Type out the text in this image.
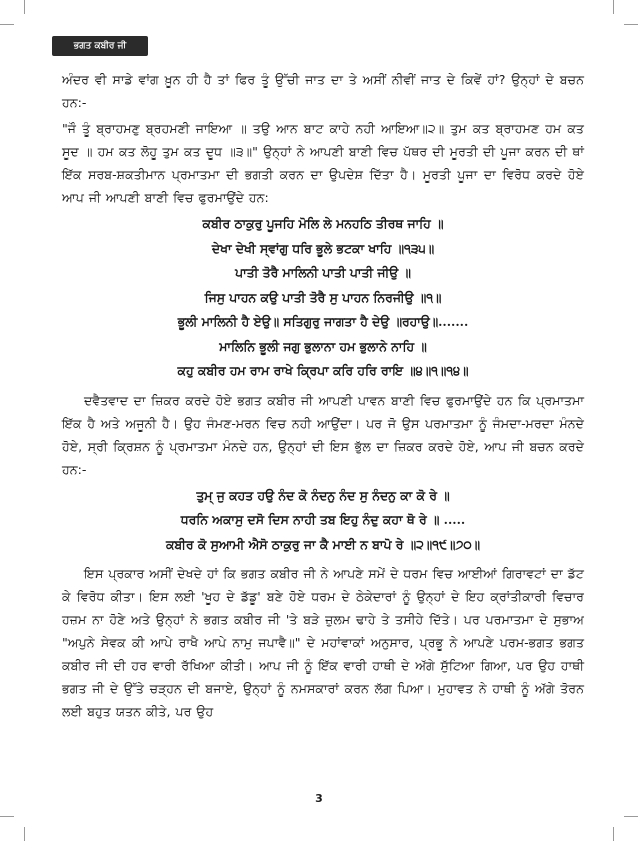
ਭਗਤ ਕਬੀਰ ਜੀ

ਅੰਦਰ ਵੀ ਸਾਡੇ ਵਾਂਗ ਖ਼ੂਨ ਹੀ ਹੈ ਤਾਂ ਫਿਰ ਤੂੰ ਉੱਚੀ ਜਾਤ ਦਾ ਤੇ ਅਸੀਂ ਨੀਵੀਂ ਜਾਤ ਦੇ ਕਿਵੇਂ ਹਾਂ? ਉਨ੍ਹਾਂ ਦੇ ਬਚਨ ਹਨ:-

"ਜੌ ਤੂੰ ਬ੍ਰਾਹਮਣੁ ਬ੍ਰਹਮਣੀ ਜਾਇਆ ॥ ਤਉ ਆਨ ਬਾਟ ਕਾਹੇ ਨਹੀ ਆਇਆ॥੨॥ ਤੁਮ ਕਤ ਬ੍ਰਾਹਮਣ ਹਮ ਕਤ ਸੂਦ ॥ ਹਮ ਕਤ ਲੋਹੂ ਤੁਮ ਕਤ ਦੂਧ ॥੩॥" ਉਨ੍ਹਾਂ ਨੇ ਆਪਣੀ ਬਾਣੀ ਵਿਚ ਪੱਥਰ ਦੀ ਮੂਰਤੀ ਦੀ ਪੂਜਾ ਕਰਨ ਦੀ ਥਾਂ ਇੱਕ ਸਰਬ-ਸ਼ਕਤੀਮਾਨ ਪ੍ਰਮਾਤਮਾ ਦੀ ਭਗਤੀ ਕਰਨ ਦਾ ਉਪਦੇਸ਼ ਦਿੱਤਾ ਹੈ। ਮੂਰਤੀ ਪੂਜਾ ਦਾ ਵਿਰੋਧ ਕਰਦੇ ਹੋਏ ਆਪ ਜੀ ਆਪਣੀ ਬਾਣੀ ਵਿਚ ਫੁਰਮਾਉਂਦੇ ਹਨ:

ਕਬੀਰ ਠਾਕੁਰੁ ਪੂਜਹਿ ਮੋਲਿ ਲੇ ਮਨਹਠਿ ਤੀਰਥ ਜਾਹਿ ॥

ਦੇਖਾ ਦੇਖੀ ਸ੍ਵਾਂਗੁ ਧਰਿ ਭੂਲੇ ਭਟਕਾ ਖਾਹਿ ॥੧੩੫॥

ਪਾਤੀ ਤੋਰੈ ਮਾਲਿਨੀ ਪਾਤੀ ਪਾਤੀ ਜੀਉ ॥

ਜਿਸੁ ਪਾਹਨ ਕਉ ਪਾਤੀ ਤੋਰੈ ਸੁ ਪਾਹਨ ਨਿਰਜੀਉ ॥੧॥

ਭੂਲੀ ਮਾਲਿਨੀ ਹੈ ਏਉ॥ ਸਤਿਗੁਰੁ ਜਾਗਤਾ ਹੈ ਦੇਉ ॥ਰਹਾਉ॥.......

ਮਾਲਿਨਿ ਭੂਲੀ ਜਗੁ ਭੁਲਾਨਾ ਹਮ ਭੁਲਾਨੇ ਨਾਹਿ ॥

ਕਹੁ ਕਬੀਰ ਹਮ ਰਾਮ ਰਾਖੇ ਕ੍ਰਿਪਾ ਕਰਿ ਹਰਿ ਰਾਇ ॥੪॥੧॥੧੪॥

ਦਵੈਤਵਾਦ ਦਾ ਜ਼ਿਕਰ ਕਰਦੇ ਹੋਏ ਭਗਤ ਕਬੀਰ ਜੀ ਆਪਣੀ ਪਾਵਨ ਬਾਣੀ ਵਿਚ ਫੁਰਮਾਉਂਦੇ ਹਨ ਕਿ ਪ੍ਰਮਾਤਮਾ ਇੱਕ ਹੈ ਅਤੇ ਅਜੂਨੀ ਹੈ। ਉਹ ਜੰਮਣ-ਮਰਨ ਵਿਚ ਨਹੀ ਆਉਂਦਾ। ਪਰ ਜੋ ਉਸ ਪਰਮਾਤਮਾ ਨੂੰ ਜੰਮਦਾ-ਮਰਦਾ ਮੰਨਦੇ ਹੋਏ, ਸ੍ਰੀ ਕ੍ਰਿਸ਼ਨ ਨੂੰ ਪ੍ਰਮਾਤਮਾ ਮੰਨਦੇ ਹਨ, ਉਨ੍ਹਾਂ ਦੀ ਇਸ ਭੁੱਲ ਦਾ ਜ਼ਿਕਰ ਕਰਦੇ ਹੋਏ, ਆਪ ਜੀ ਬਚਨ ਕਰਦੇ ਹਨ:-

ਤੁਮ੍ ਜੁ ਕਹਤ ਹਉ ਨੰਦ ਕੋ ਨੰਦਨੁ ਨੰਦ ਸੁ ਨੰਦਨੁ ਕਾ ਕੋ ਰੇ ॥

ਧਰਨਿ ਅਕਾਸੁ ਦਸੋ ਦਿਸ ਨਾਹੀ ਤਬ ਇਹੁ ਨੰਦੁ ਕਹਾ ਥੋ ਰੇ ॥ .....

ਕਬੀਰ ਕੋ ਸੁਆਮੀ ਐਸੋ ਠਾਕੁਰੁ ਜਾ ਕੈ ਮਾਈ ਨ ਬਾਪੋ ਰੇ ॥੨॥੧੯॥੭੦॥

ਇਸ ਪ੍ਰਕਾਰ ਅਸੀਂ ਦੇਖਦੇ ਹਾਂ ਕਿ ਭਗਤ ਕਬੀਰ ਜੀ ਨੇ ਆਪਣੇ ਸਮੇਂ ਦੇ ਧਰਮ ਵਿਚ ਆਈਆਂ ਗਿਰਾਵਟਾਂ ਦਾ ਡੱਟ ਕੇ ਵਿਰੋਧ ਕੀਤਾ। ਇਸ ਲਈ 'ਖੂਹ ਦੇ ਡੱਡੂ' ਬਣੇ ਹੋਏ ਧਰਮ ਦੇ ਠੇਕੇਦਾਰਾਂ ਨੂੰ ਉਨ੍ਹਾਂ ਦੇ ਇਹ ਕ੍ਰਾਂਤੀਕਾਰੀ ਵਿਚਾਰ ਹਜ਼ਮ ਨਾ ਹੋਣੇ ਅਤੇ ਉਨ੍ਹਾਂ ਨੇ ਭਗਤ ਕਬੀਰ ਜੀ 'ਤੇ ਬੜੇ ਜ਼ੁਲਮ ਢਾਹੇ ਤੇ ਤਸੀਹੇ ਦਿੱਤੇ। ਪਰ ਪਰਮਾਤਮਾ ਦੇ ਸੁਭਾਅ "ਅਪੁਨੇ ਸੇਵਕ ਕੀ ਆਪੇ ਰਾਖੈ ਆਪੇ ਨਾਮੁ ਜਪਾਵੈ॥" ਦੇ ਮਹਾਂਵਾਕਾਂ ਅਨੁਸਾਰ, ਪ੍ਰਭੂ ਨੇ ਆਪਣੇ ਪਰਮ-ਭਗਤ ਭਗਤ ਕਬੀਰ ਜੀ ਦੀ ਹਰ ਵਾਰੀ ਰੱਖਿਆ ਕੀਤੀ। ਆਪ ਜੀ ਨੂੰ ਇੱਕ ਵਾਰੀ ਹਾਥੀ ਦੇ ਅੱਗੇ ਸੁੱਟਿਆ ਗਿਆ, ਪਰ ਉਹ ਹਾਥੀ ਭਗਤ ਜੀ ਦੇ ਉੱਤੇ ਚੜ੍ਹਨ ਦੀ ਬਜਾਏ, ਉਨ੍ਹਾਂ ਨੂੰ ਨਮਸਕਾਰਾਂ ਕਰਨ ਲੱਗ ਪਿਆ। ਮੁਹਾਵਤ ਨੇ ਹਾਥੀ ਨੂੰ ਅੱਗੇ ਤੋਰਨ ਲਈ ਬਹੁਤ ਯਤਨ ਕੀਤੇ, ਪਰ ਉਹ

3
